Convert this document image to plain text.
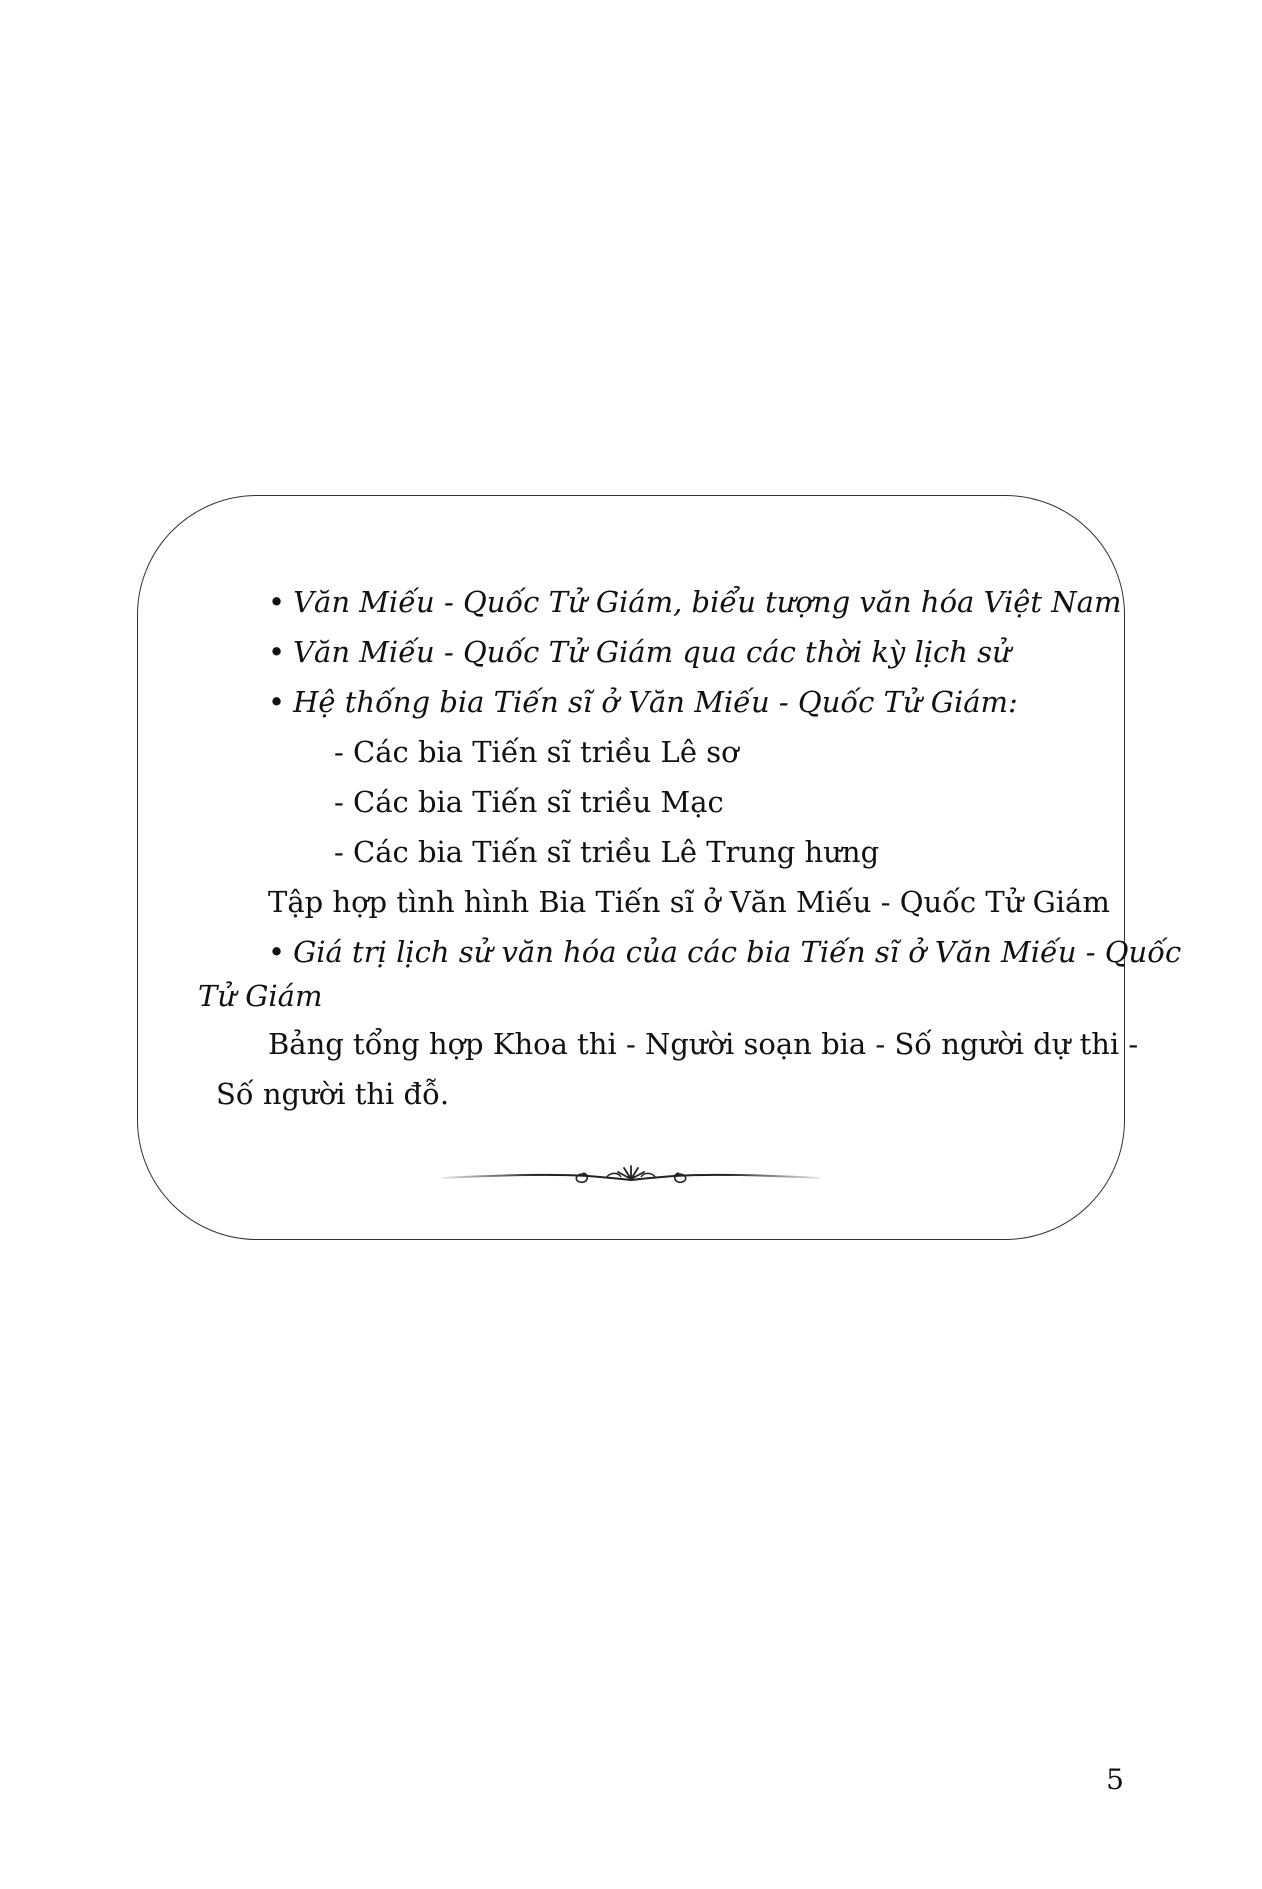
• Văn Miếu - Quốc Tử Giám, biểu tượng văn hóa Việt Nam
• Văn Miếu - Quốc Tử Giám qua các thời kỳ lịch sử
• Hệ thống bia Tiến sĩ ở Văn Miếu - Quốc Tử Giám:
- Các bia Tiến sĩ triều Lê sơ
- Các bia Tiến sĩ triều Mạc
- Các bia Tiến sĩ triều Lê Trung hưng
Tập hợp tình hình Bia Tiến sĩ ở Văn Miếu - Quốc Tử Giám
• Giá trị lịch sử văn hóa của các bia Tiến sĩ ở Văn Miếu - Quốc
Tử Giám
Bảng tổng hợp Khoa thi - Người soạn bia - Số người dự thi -
Số người thi đỗ.
5
